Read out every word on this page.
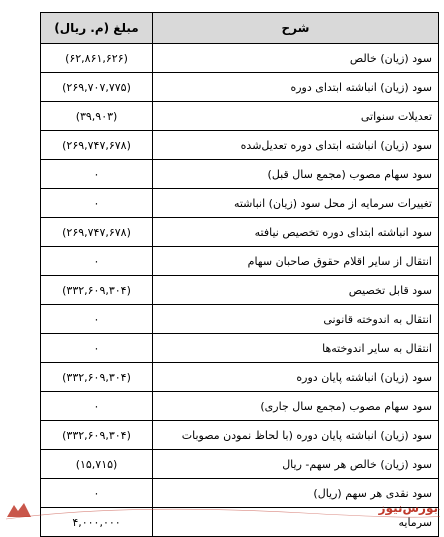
شرح	مبلغ (م. ریال)
سود (زیان) خالص	(۶۲,۸۶۱,۶۲۶)
سود (زیان) انباشته ابتدای دوره	(۲۶۹,۷۰۷,۷۷۵)
تعدیلات سنواتی	(۳۹,۹۰۳)
سود (زیان) انباشته ابتدای دوره تعدیل‌شده	(۲۶۹,۷۴۷,۶۷۸)
سود سهام مصوب (مجمع سال قبل)	۰
تغییرات سرمایه از محل سود (زیان) انباشته	۰
سود انباشته ابتدای دوره تخصیص نیافته	(۲۶۹,۷۴۷,۶۷۸)
انتقال از سایر اقلام حقوق صاحبان سهام	۰
سود قابل تخصیص	(۳۳۲,۶۰۹,۳۰۴)
انتقال به اندوخته قانونی	۰
انتقال به سایر اندوخته‌ها	۰
سود (زیان) انباشته پایان دوره	(۳۳۲,۶۰۹,۳۰۴)
سود سهام مصوب (مجمع سال جاری)	۰
سود (زیان) انباشته پایان دوره (با لحاظ نمودن مصوبات	(۳۳۲,۶۰۹,۳۰۴)
سود (زیان) خالص هر سهم- ریال	(۱۵,۷۱۵)
سود نقدی هر سهم (ریال)	۰
سرمایه	۴,۰۰۰,۰۰۰
بورس‌نیوز
